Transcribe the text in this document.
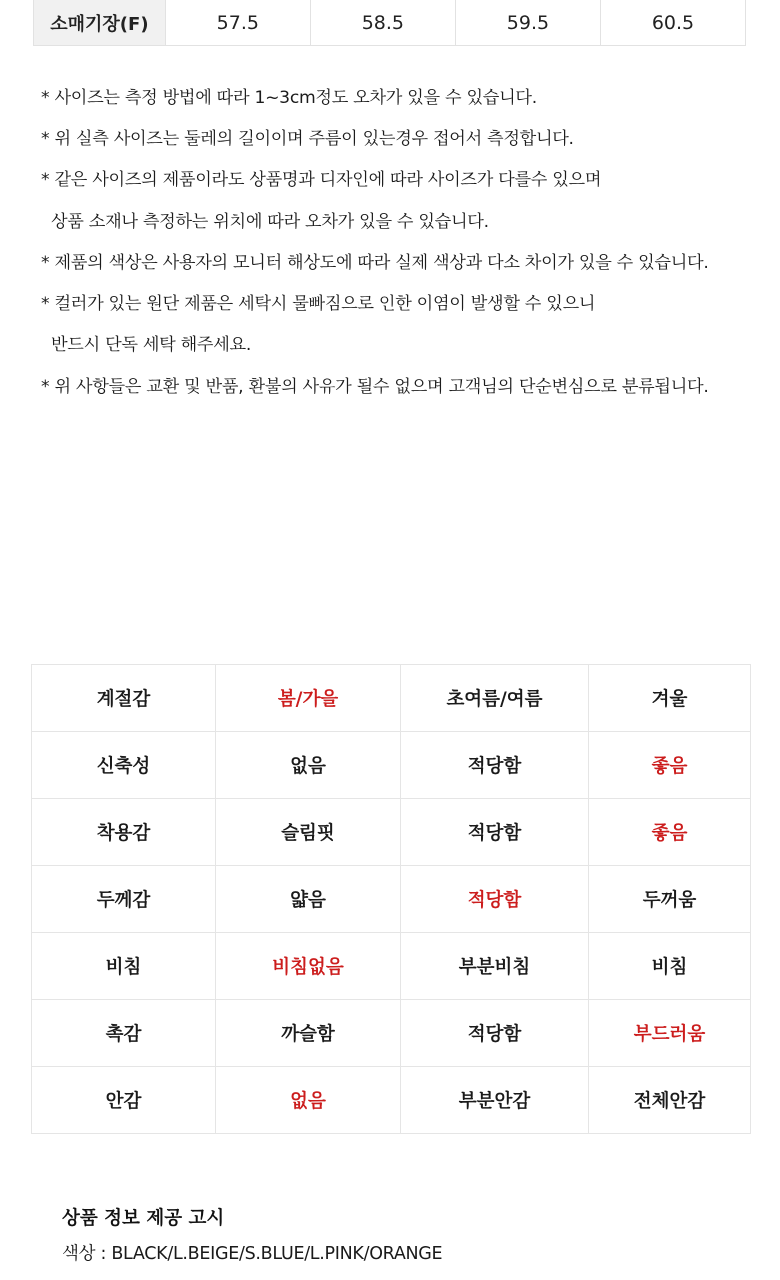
소매기장(F)	57.5	58.5	59.5	60.5
* 사이즈는 측정 방법에 따라 1~3cm정도 오차가 있을 수 있습니다.
* 위 실측 사이즈는 둘레의 길이이며 주름이 있는경우 접어서 측정합니다.
* 같은 사이즈의 제품이라도 상품명과 디자인에 따라 사이즈가 다를수 있으며
상품 소재나 측정하는 위치에 따라 오차가 있을 수 있습니다.
* 제품의 색상은 사용자의 모니터 해상도에 따라 실제 색상과 다소 차이가 있을 수 있습니다.
* 컬러가 있는 원단 제품은 세탁시 물빠짐으로 인한 이염이 발생할 수 있으니
반드시 단독 세탁 해주세요.
* 위 사항들은 교환 및 반품, 환불의 사유가 될수 없으며 고객님의 단순변심으로 분류됩니다.
계절감	봄/가을	초여름/여름	겨울
신축성	없음	적당함	좋음
착용감	슬림핏	적당함	좋음
두께감	얇음	적당함	두꺼움
비침	비침없음	부분비침	비침
촉감	까슬함	적당함	부드러움
안감	없음	부분안감	전체안감
상품 정보 제공 고시
색상 : BLACK/L.BEIGE/S.BLUE/L.PINK/ORANGE
